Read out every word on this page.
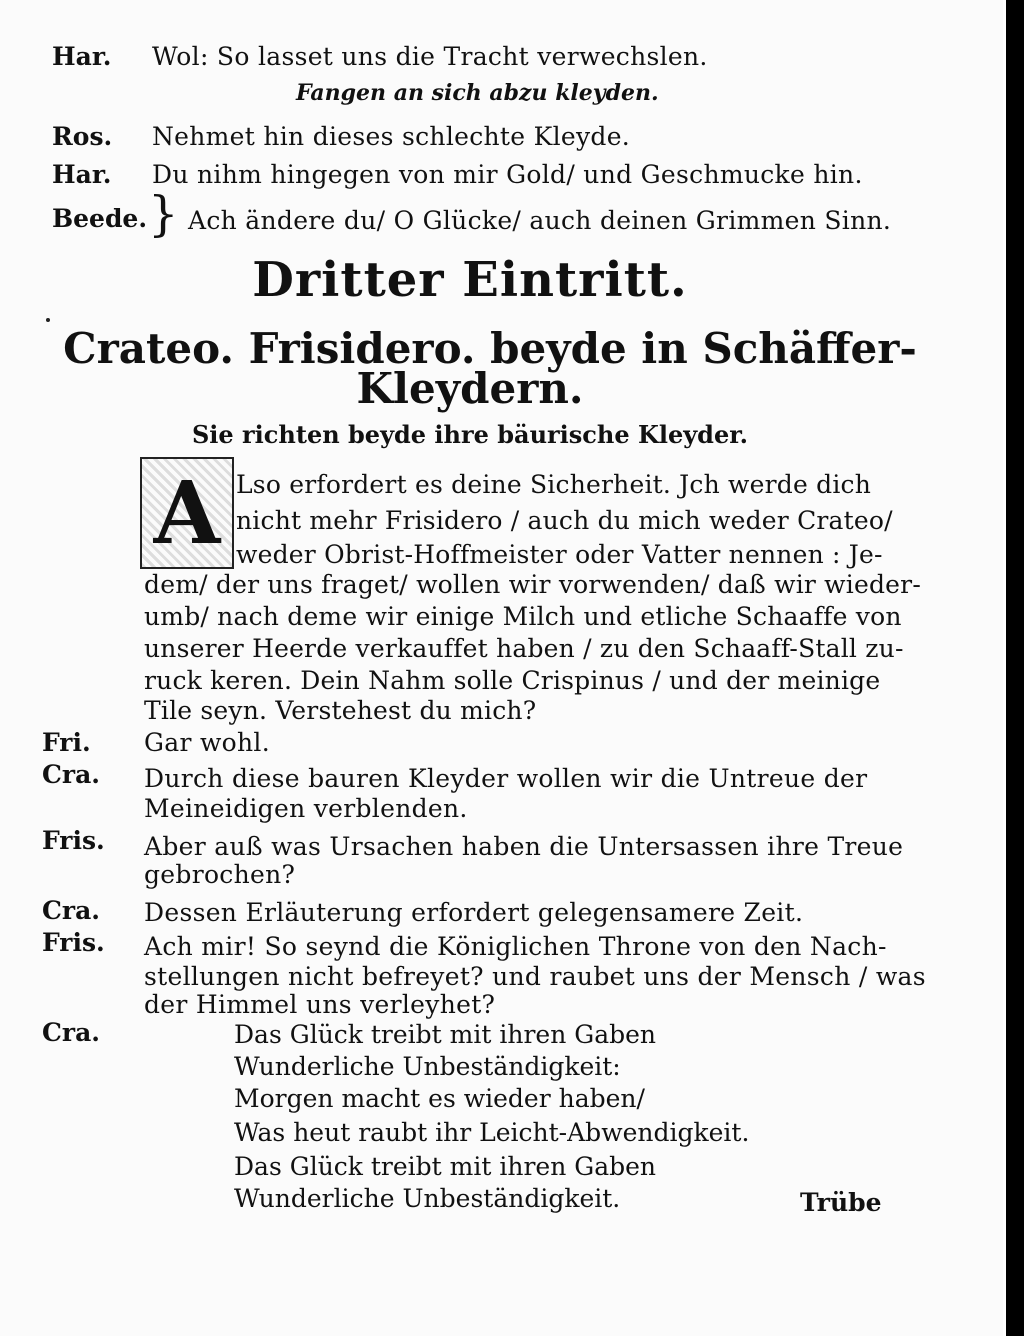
Har. Wol: So lasset uns die Tracht verwechslen.
Fangen an sich abzu kleyden.
Ros. Nehmet hin dieses schlechte Kleyde.
Har. Du nihm hingegen von mir Gold/ und Geschmucke hin.
Beede. } Ach ändere du/ O Glücke/ auch deinen Grimmen Sinn.
Dritter Eintritt.
Crateo. Frisidero. beyde in Schäffer-
Kleydern.
Sie richten beyde ihre bäurische Kleyder.
A Lso erfordert es deine Sicherheit. Jch werde dich
nicht mehr Frisidero / auch du mich weder Crateo/
weder Obrist-Hoffmeister oder Vatter nennen : Je-
dem/ der uns fraget/ wollen wir vorwenden/ daß wir wieder-
umb/ nach deme wir einige Milch und etliche Schaaffe von
unserer Heerde verkauffet haben / zu den Schaaff-Stall zu-
ruck keren. Dein Nahm solle Crispinus / und der meinige
Tile seyn. Verstehest du mich?
Fri. Gar wohl.
Cra. Durch diese bauren Kleyder wollen wir die Untreue der
Meineidigen verblenden.
Fris. Aber auß was Ursachen haben die Untersassen ihre Treue
gebrochen?
Cra. Dessen Erläuterung erfordert gelegensamere Zeit.
Fris. Ach mir! So seynd die Königlichen Throne von den Nach-
stellungen nicht befreyet? und raubet uns der Mensch / was
der Himmel uns verleyhet?
Cra.	Das Glück treibt mit ihren Gaben
Wunderliche Unbeständigkeit:
Morgen macht es wieder haben/
Was heut raubt ihr Leicht-Abwendigkeit.
Das Glück treibt mit ihren Gaben
Wunderliche Unbeständigkeit.	Trübe
